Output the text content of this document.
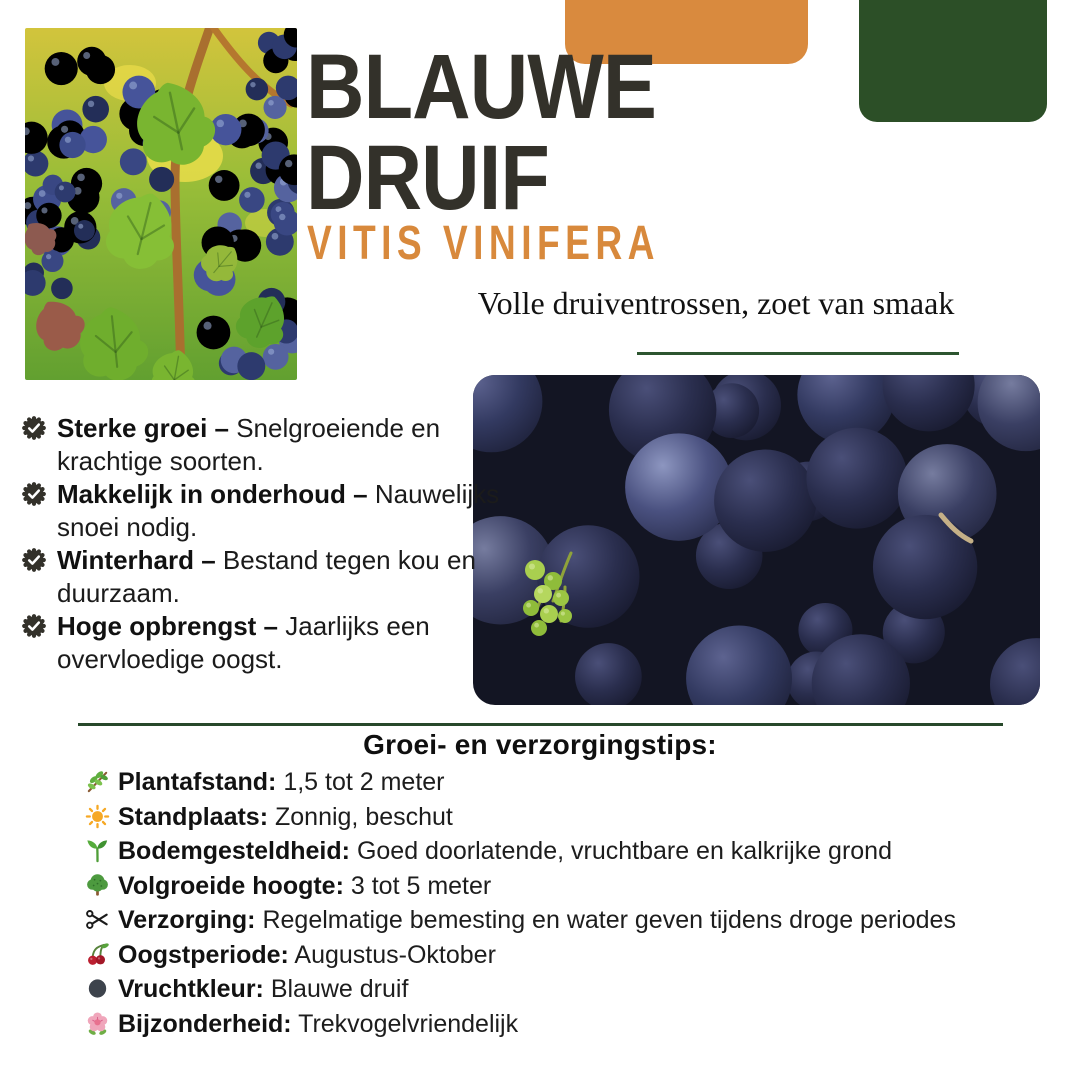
BLAUWE
DRUIF
VITIS VINIFERA
Volle druiventrossen, zoet van smaak

Sterke groei – Snelgroeiende en krachtige soorten.

Makkelijk in onderhoud – Nauwelijks snoei nodig.

Winterhard – Bestand tegen kou en duurzaam.

Hoge opbrengst – Jaarlijks een overvloedige oogst.

Groei- en verzorgingstips:

Plantafstand: 1,5 tot 2 meter

Standplaats: Zonnig, beschut

Bodemgesteldheid: Goed doorlatende, vruchtbare en kalkrijke grond

Volgroeide hoogte: 3 tot 5 meter

Verzorging: Regelmatige bemesting en water geven tijdens droge periodes

Oogstperiode: Augustus-Oktober

Vruchtkleur: Blauwe druif

Bijzonderheid: Trekvogelvriendelijk
